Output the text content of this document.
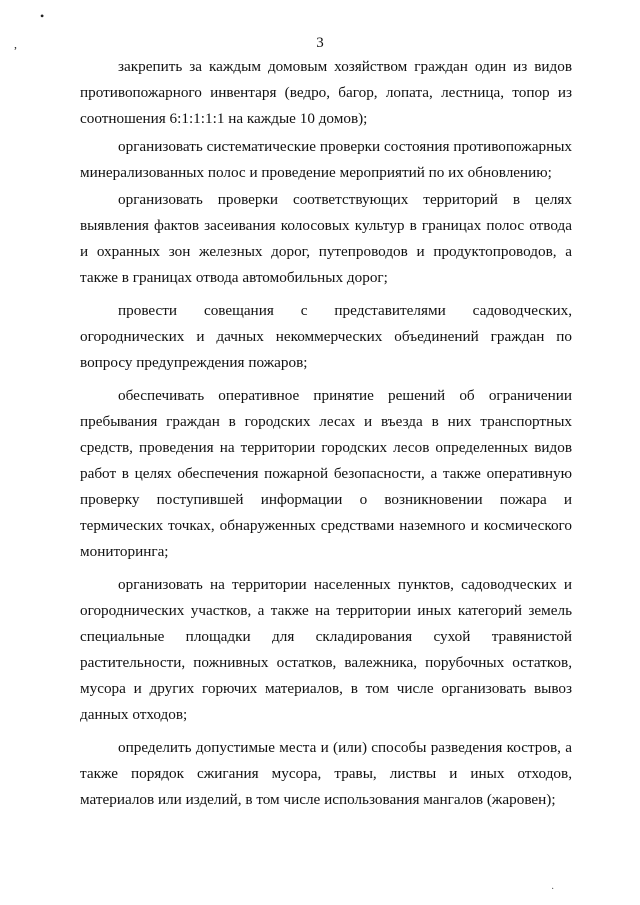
•
,
·
3

закрепить за каждым домовым хозяйством граждан один из видов противопожарного инвентаря (ведро, багор, лопата, лестница, топор из соотношения 6:1:1:1:1 на каждые 10 домов);

организовать систематические проверки состояния противопожарных минерализованных полос и проведение мероприятий по их обновлению;

организовать проверки соответствующих территорий в целях выявления фактов засеивания колосовых культур в границах полос отвода и охранных зон железных дорог, путепроводов и продуктопроводов, а также в границах отвода автомобильных дорог;

провести совещания с представителями садоводческих, огороднических и дачных некоммерческих объединений граждан по вопросу предупреждения пожаров;

обеспечивать оперативное принятие решений об ограничении пребывания граждан в городских лесах и въезда в них транспортных средств, проведения на территории городских лесов определенных видов работ в целях обеспечения пожарной безопасности, а также оперативную проверку поступившей информации о возникновении пожара и термических точках, обнаруженных средствами наземного и космического мониторинга;

организовать на территории населенных пунктов, садоводческих и огороднических участков, а также на территории иных категорий земель специальные площадки для складирования сухой травянистой растительности, пожнивных остатков, валежника, порубочных остатков, мусора и других горючих материалов, в том числе организовать вывоз данных отходов;

определить допустимые места и (или) способы разведения костров, а также порядок сжигания мусора, травы, листвы и иных отходов, материалов или изделий, в том числе использования мангалов (жаровен);
